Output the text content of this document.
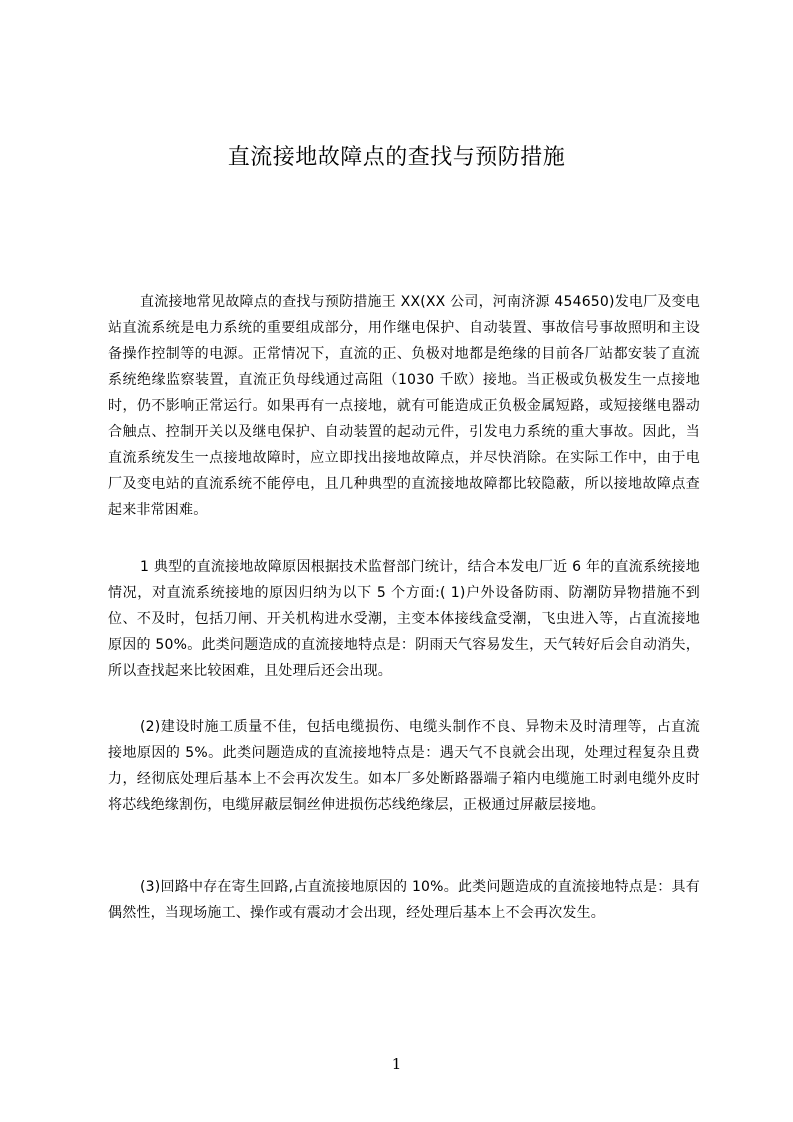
直流接地故障点的查找与预防措施

直流接地常见故障点的查找与预防措施王 XX(XX 公司，河南济源 454650)发电厂及变电站直流系统是电力系统的重要组成部分，用作继电保护、自动装置、事故信号事故照明和主设备操作控制等的电源。正常情况下，直流的正、负极对地都是绝缘的目前各厂站都安装了直流系统绝缘监察装置，直流正负母线通过高阻（1030 千欧）接地。当正极或负极发生一点接地时，仍不影响正常运行。如果再有一点接地，就有可能造成正负极金属短路，或短接继电器动合触点、控制开关以及继电保护、自动装置的起动元件，引发电力系统的重大事故。因此，当直流系统发生一点接地故障时，应立即找出接地故障点，并尽快消除。在实际工作中，由于电厂及变电站的直流系统不能停电，且几种典型的直流接地故障都比较隐蔽，所以接地故障点查起来非常困难。

1 典型的直流接地故障原因根据技术监督部门统计，结合本发电厂近 6 年的直流系统接地情况，对直流系统接地的原因归纳为以下 5 个方面:( 1)户外设备防雨、防潮防异物措施不到位、不及时，包括刀闸、开关机构进水受潮，主变本体接线盒受潮，飞虫进入等，占直流接地原因的 50%。此类问题造成的直流接地特点是：阴雨天气容易发生，天气转好后会自动消失，所以查找起来比较困难，且处理后还会出现。

(2)建设时施工质量不佳，包括电缆损伤、电缆头制作不良、异物未及时清理等，占直流接地原因的 5%。此类问题造成的直流接地特点是：遇天气不良就会出现，处理过程复杂且费力，经彻底处理后基本上不会再次发生。如本厂多处断路器端子箱内电缆施工时剥电缆外皮时将芯线绝缘割伤，电缆屏蔽层铜丝伸进损伤芯线绝缘层，正极通过屏蔽层接地。

(3)回路中存在寄生回路,占直流接地原因的 10%。此类问题造成的直流接地特点是：具有偶然性，当现场施工、操作或有震动才会出现，经处理后基本上不会再次发生。

1
